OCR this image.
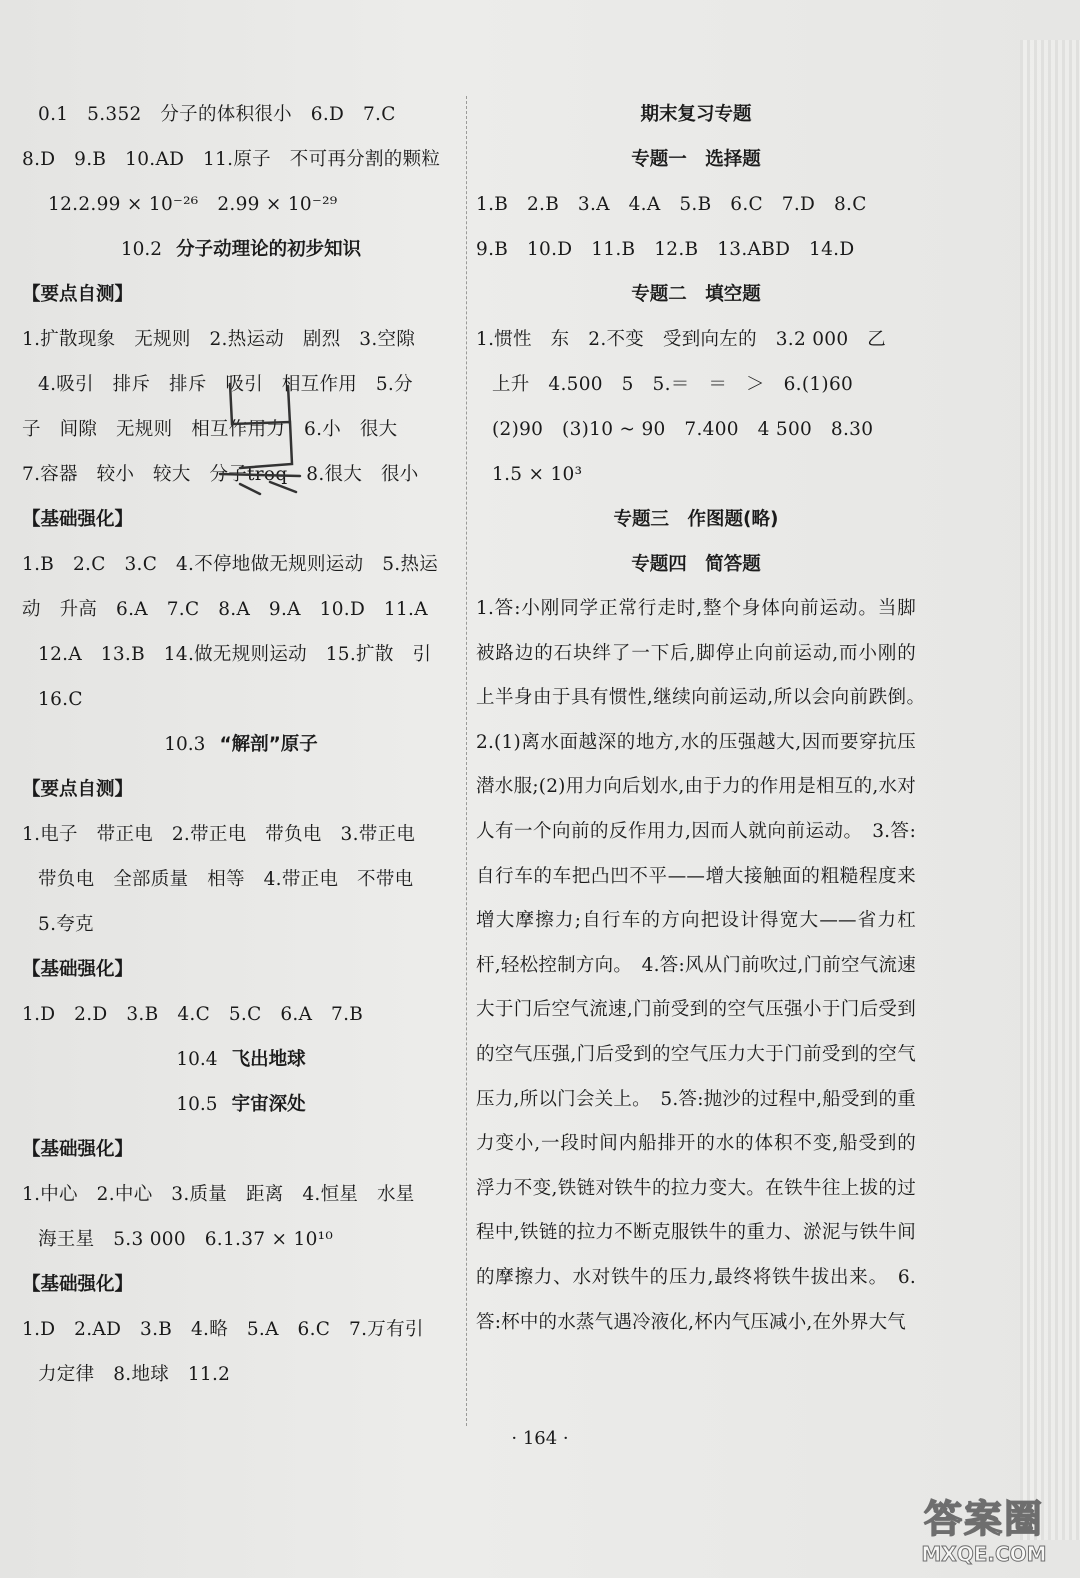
0.1　5.352　分子的体积很小　6.D　7.C
8.D　9.B　10.AD　11.原子　不可再分割的颗粒
12.2.99 × 10⁻²⁶　2.99 × 10⁻²⁹
10.2 分子动理论的初步知识
【要点自测】
1.扩散现象　无规则　2.热运动　剧烈　3.空隙
4.吸引　排斥　排斥　吸引　相互作用　5.分
子　间隙　无规则　相互作用力　6.小　很大
7.容器　较小　较大　分子troq　8.很大　很小
【基础强化】
1.B　2.C　3.C　4.不停地做无规则运动　5.热运
动　升高　6.A　7.C　8.A　9.A　10.D　11.A
12.A　13.B　14.做无规则运动　15.扩散　引
16.C
10.3 “解剖”原子
【要点自测】
1.电子　带正电　2.带正电　带负电　3.带正电
带负电　全部质量　相等　4.带正电　不带电
5.夸克
【基础强化】
1.D　2.D　3.B　4.C　5.C　6.A　7.B
10.4 飞出地球
10.5 宇宙深处
【基础强化】
1.中心　2.中心　3.质量　距离　4.恒星　水星
海王星　5.3 000　6.1.37 × 10¹⁰
【基础强化】
1.D　2.AD　3.B　4.略　5.A　6.C　7.万有引
力定律　8.地球　11.2
期末复习专题
专题一　选择题
1.B　2.B　3.A　4.A　5.B　6.C　7.D　8.C
9.B　10.D　11.B　12.B　13.ABD　14.D
专题二　填空题
1.惯性　东　2.不变　受到向左的　3.2 000　乙
上升　4.500　5　5.＝　＝　＞　6.(1)60
(2)90　(3)10 ~ 90　7.400　4 500　8.30
1.5 × 10³
专题三　作图题(略)
专题四　简答题
1.答:小刚同学正常行走时,整个身体向前运动。当脚被路边的石块绊了一下后,脚停止向前运动,而小刚的上半身由于具有惯性,继续向前运动,所以会向前跌倒。　2.(1)离水面越深的地方,水的压强越大,因而要穿抗压潜水服;(2)用力向后划水,由于力的作用是相互的,水对人有一个向前的反作用力,因而人就向前运动。　3.答:自行车的车把凸凹不平——增大接触面的粗糙程度来增大摩擦力;自行车的方向把设计得宽大——省力杠杆,轻松控制方向。　4.答:风从门前吹过,门前空气流速大于门后空气流速,门前受到的空气压强小于门后受到的空气压强,门后受到的空气压力大于门前受到的空气压力,所以门会关上。　5.答:抛沙的过程中,船受到的重力变小,一段时间内船排开的水的体积不变,船受到的浮力不变,铁链对铁牛的拉力变大。在铁牛往上拔的过程中,铁链的拉力不断克服铁牛的重力、淤泥与铁牛间的摩擦力、水对铁牛的压力,最终将铁牛拔出来。　6.答:杯中的水蒸气遇冷液化,杯内气压减小,在外界大气
· 164 ·
答案圈
MXQE.COM
